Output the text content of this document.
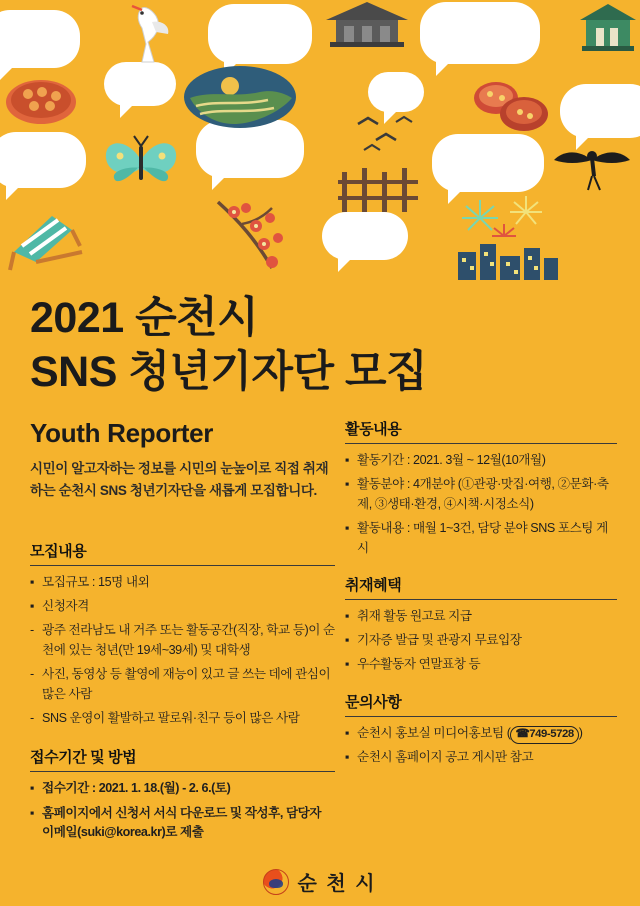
2021 순천시
SNS 청년기자단 모집
Youth Reporter
시민이 알고자하는 정보를 시민의 눈높이로 직접 취재하는 순천시 SNS 청년기자단을 새롭게 모집합니다.
모집내용
▪ 모집규모 : 15명 내외
▪ 신청자격
- 광주 전라남도 내 거주 또는 활동공간(직장, 학교 등)이 순천에 있는 청년(만 19세~39세) 및 대학생
- 사진, 동영상 등 촬영에 재능이 있고 글 쓰는 데에 관심이 많은 사람
- SNS 운영이 활발하고 팔로워·친구 등이 많은 사람
접수기간 및 방법
▪ 접수기간 : 2021. 1. 18.(월) - 2. 6.(토)
▪ 홈페이지에서 신청서 서식 다운로드 및 작성후, 담당자 이메일(suki@korea.kr)로 제출
활동내용
▪ 활동기간 : 2021. 3월 ~ 12월(10개월)
▪ 활동분야 : 4개분야 (①관광·맛집·여행, ②문화·축제, ③생태·환경, ④시책·시정소식)
▪ 활동내용 : 매월 1~3건, 담당 분야 SNS 포스팅 게시
취재혜택
▪ 취재 활동 원고료 지급
▪ 기자증 발급 및 관광지 무료입장
▪ 우수활동자 연말표창 등
문의사항
▪ 순천시 홍보실 미디어홍보팀 ( ☎749-5728 )
▪ 순천시 홈페이지 공고 게시판 참고
순 천 시
